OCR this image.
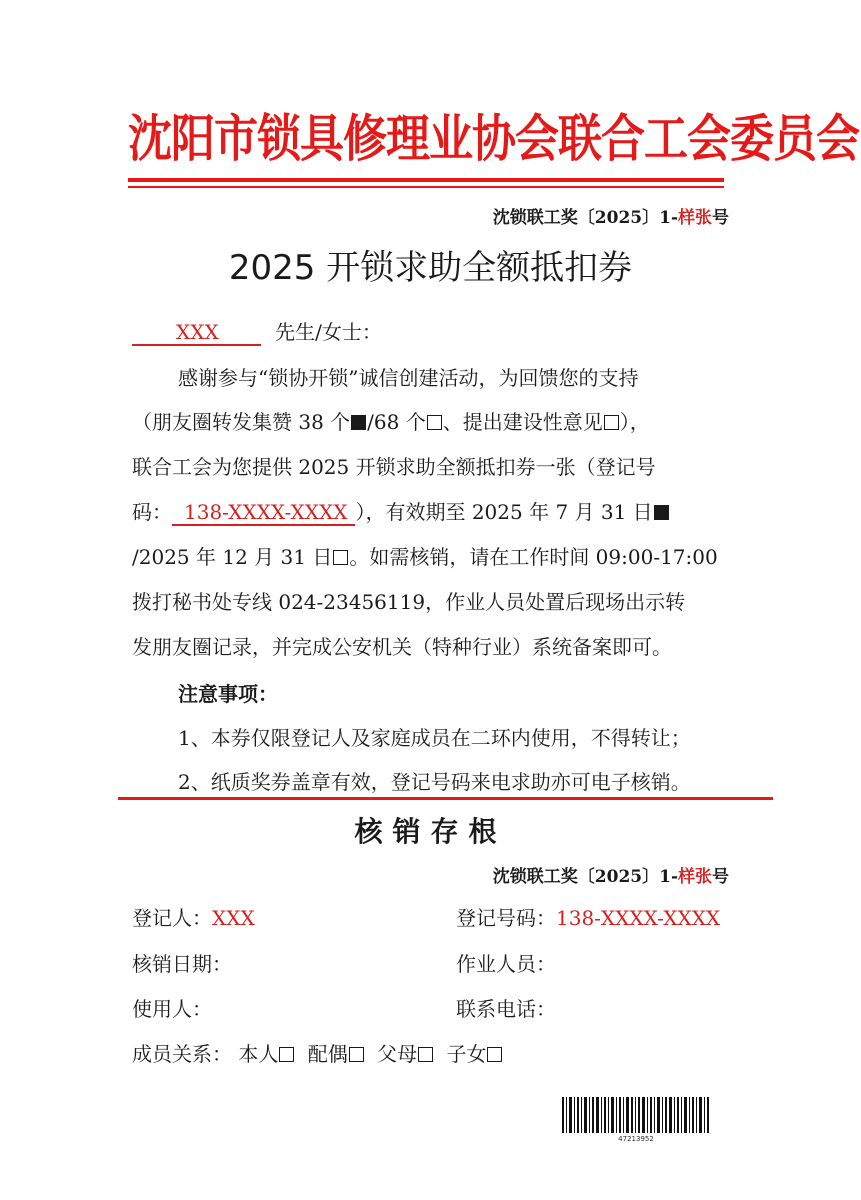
沈阳市锁具修理业协会联合工会委员会
沈锁联工奖〔2025〕1-样张号
2025 开锁求助全额抵扣券
XXX	先生/女士：
感谢参与“锁协开锁”诚信创建活动，为回馈您的支持
（朋友圈转发集赞 38 个 /68 个 、提出建设性意见 ），
联合工会为您提供 2025 开锁求助全额抵扣券一张（登记号
码： 138-XXXX-XXXX ），有效期至 2025 年 7 月 31 日
/2025 年 12 月 31 日 。如需核销，请在工作时间 09:00-17:00
拨打秘书处专线 024-23456119，作业人员处置后现场出示转
发朋友圈记录，并完成公安机关（特种行业）系统备案即可。
注意事项：
1、本券仅限登记人及家庭成员在二环内使用，不得转让；
2、纸质奖券盖章有效，登记号码来电求助亦可电子核销。
核销存根
沈锁联工奖〔2025〕1-样张号
登记人：XXX	登记号码：138-XXXX-XXXX
核销日期：	作业人员：
使用人：	联系电话：
成员关系： 本人 配偶 父母 子女
47213952
